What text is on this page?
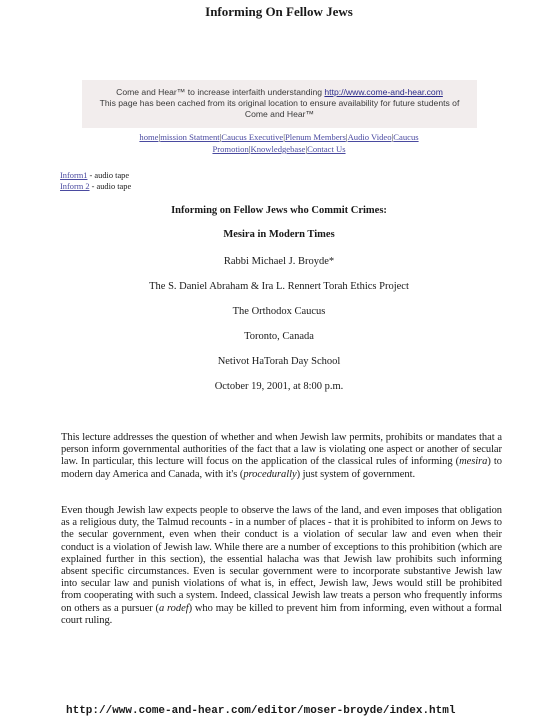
Informing On Fellow Jews
Come and Hear™ to increase interfaith understanding http://www.come-and-hear.com
This page has been cached from its original location to ensure availability for future students of
Come and Hear™
home|mission Statment|Caucus Executive|Plenum Members|Audio Video|Caucus Promotion|Knowledgebase|Contact Us
Inform1 - audio tape
Inform 2 - audio tape
Informing on Fellow Jews who Commit Crimes:
Mesira in Modern Times
Rabbi Michael J. Broyde*
The S. Daniel Abraham & Ira L. Rennert Torah Ethics Project
The Orthodox Caucus
Toronto, Canada
Netivot HaTorah Day School
October 19, 2001, at 8:00 p.m.
This lecture addresses the question of whether and when Jewish law permits, prohibits or mandates that a person inform governmental authorities of the fact that a law is violating one aspect or another of secular law. In particular, this lecture will focus on the application of the classical rules of informing (mesira) to modern day America and Canada, with it's (procedurally) just system of government.
Even though Jewish law expects people to observe the laws of the land, and even imposes that obligation as a religious duty, the Talmud recounts - in a number of places - that it is prohibited to inform on Jews to the secular government, even when their conduct is a violation of secular law and even when their conduct is a violation of Jewish law. While there are a number of exceptions to this prohibition (which are explained further in this section), the essential halacha was that Jewish law prohibits such informing absent specific circumstances. Even is secular government were to incorporate substantive Jewish law into secular law and punish violations of what is, in effect, Jewish law, Jews would still be prohibited from cooperating with such a system. Indeed, classical Jewish law treats a person who frequently informs on others as a pursuer (a rodef) who may be killed to prevent him from informing, even without a formal court ruling.
http://www.come-and-hear.com/editor/moser-broyde/index.html
